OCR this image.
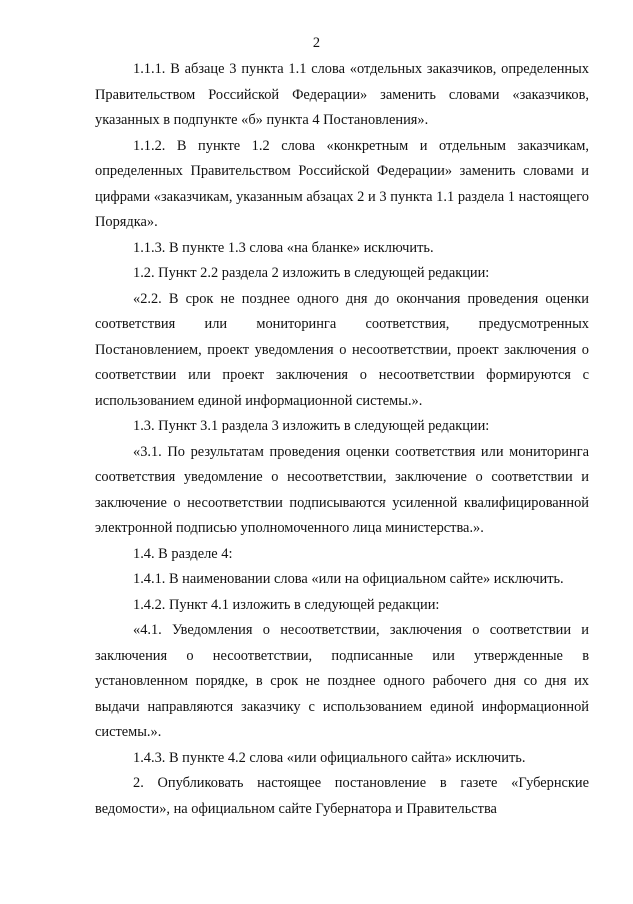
2

1.1.1. В абзаце 3 пункта 1.1 слова «отдельных заказчиков, определенных Правительством Российской Федерации» заменить словами «заказчиков, указанных в подпункте «б» пункта 4 Постановления».

1.1.2. В пункте 1.2 слова «конкретным и отдельным заказчикам, определенных Правительством Российской Федерации» заменить словами и цифрами «заказчикам, указанным абзацах 2 и 3 пункта 1.1 раздела 1 настоящего Порядка».

1.1.3. В пункте 1.3 слова «на бланке» исключить.

1.2. Пункт 2.2 раздела 2 изложить в следующей редакции:

«2.2. В срок не позднее одного дня до окончания проведения оценки соответствия или мониторинга соответствия, предусмотренных Постановлением, проект уведомления о несоответствии, проект заключения о соответствии или проект заключения о несоответствии формируются с использованием единой информационной системы.».

1.3. Пункт 3.1 раздела 3 изложить в следующей редакции:

«3.1. По результатам проведения оценки соответствия или мониторинга соответствия уведомление о несоответствии, заключение о соответствии и заключение о несоответствии подписываются усиленной квалифицированной электронной подписью уполномоченного лица министерства.».

1.4. В разделе 4:

1.4.1. В наименовании слова «или на официальном сайте» исключить.

1.4.2. Пункт 4.1 изложить в следующей редакции:

«4.1. Уведомления о несоответствии, заключения о соответствии и заключения о несоответствии, подписанные или утвержденные в установленном порядке, в срок не позднее одного рабочего дня со дня их выдачи направляются заказчику с использованием единой информационной системы.».

1.4.3. В пункте 4.2 слова «или официального сайта» исключить.

2. Опубликовать настоящее постановление в газете «Губернские ведомости», на официальном сайте Губернатора и Правительства
